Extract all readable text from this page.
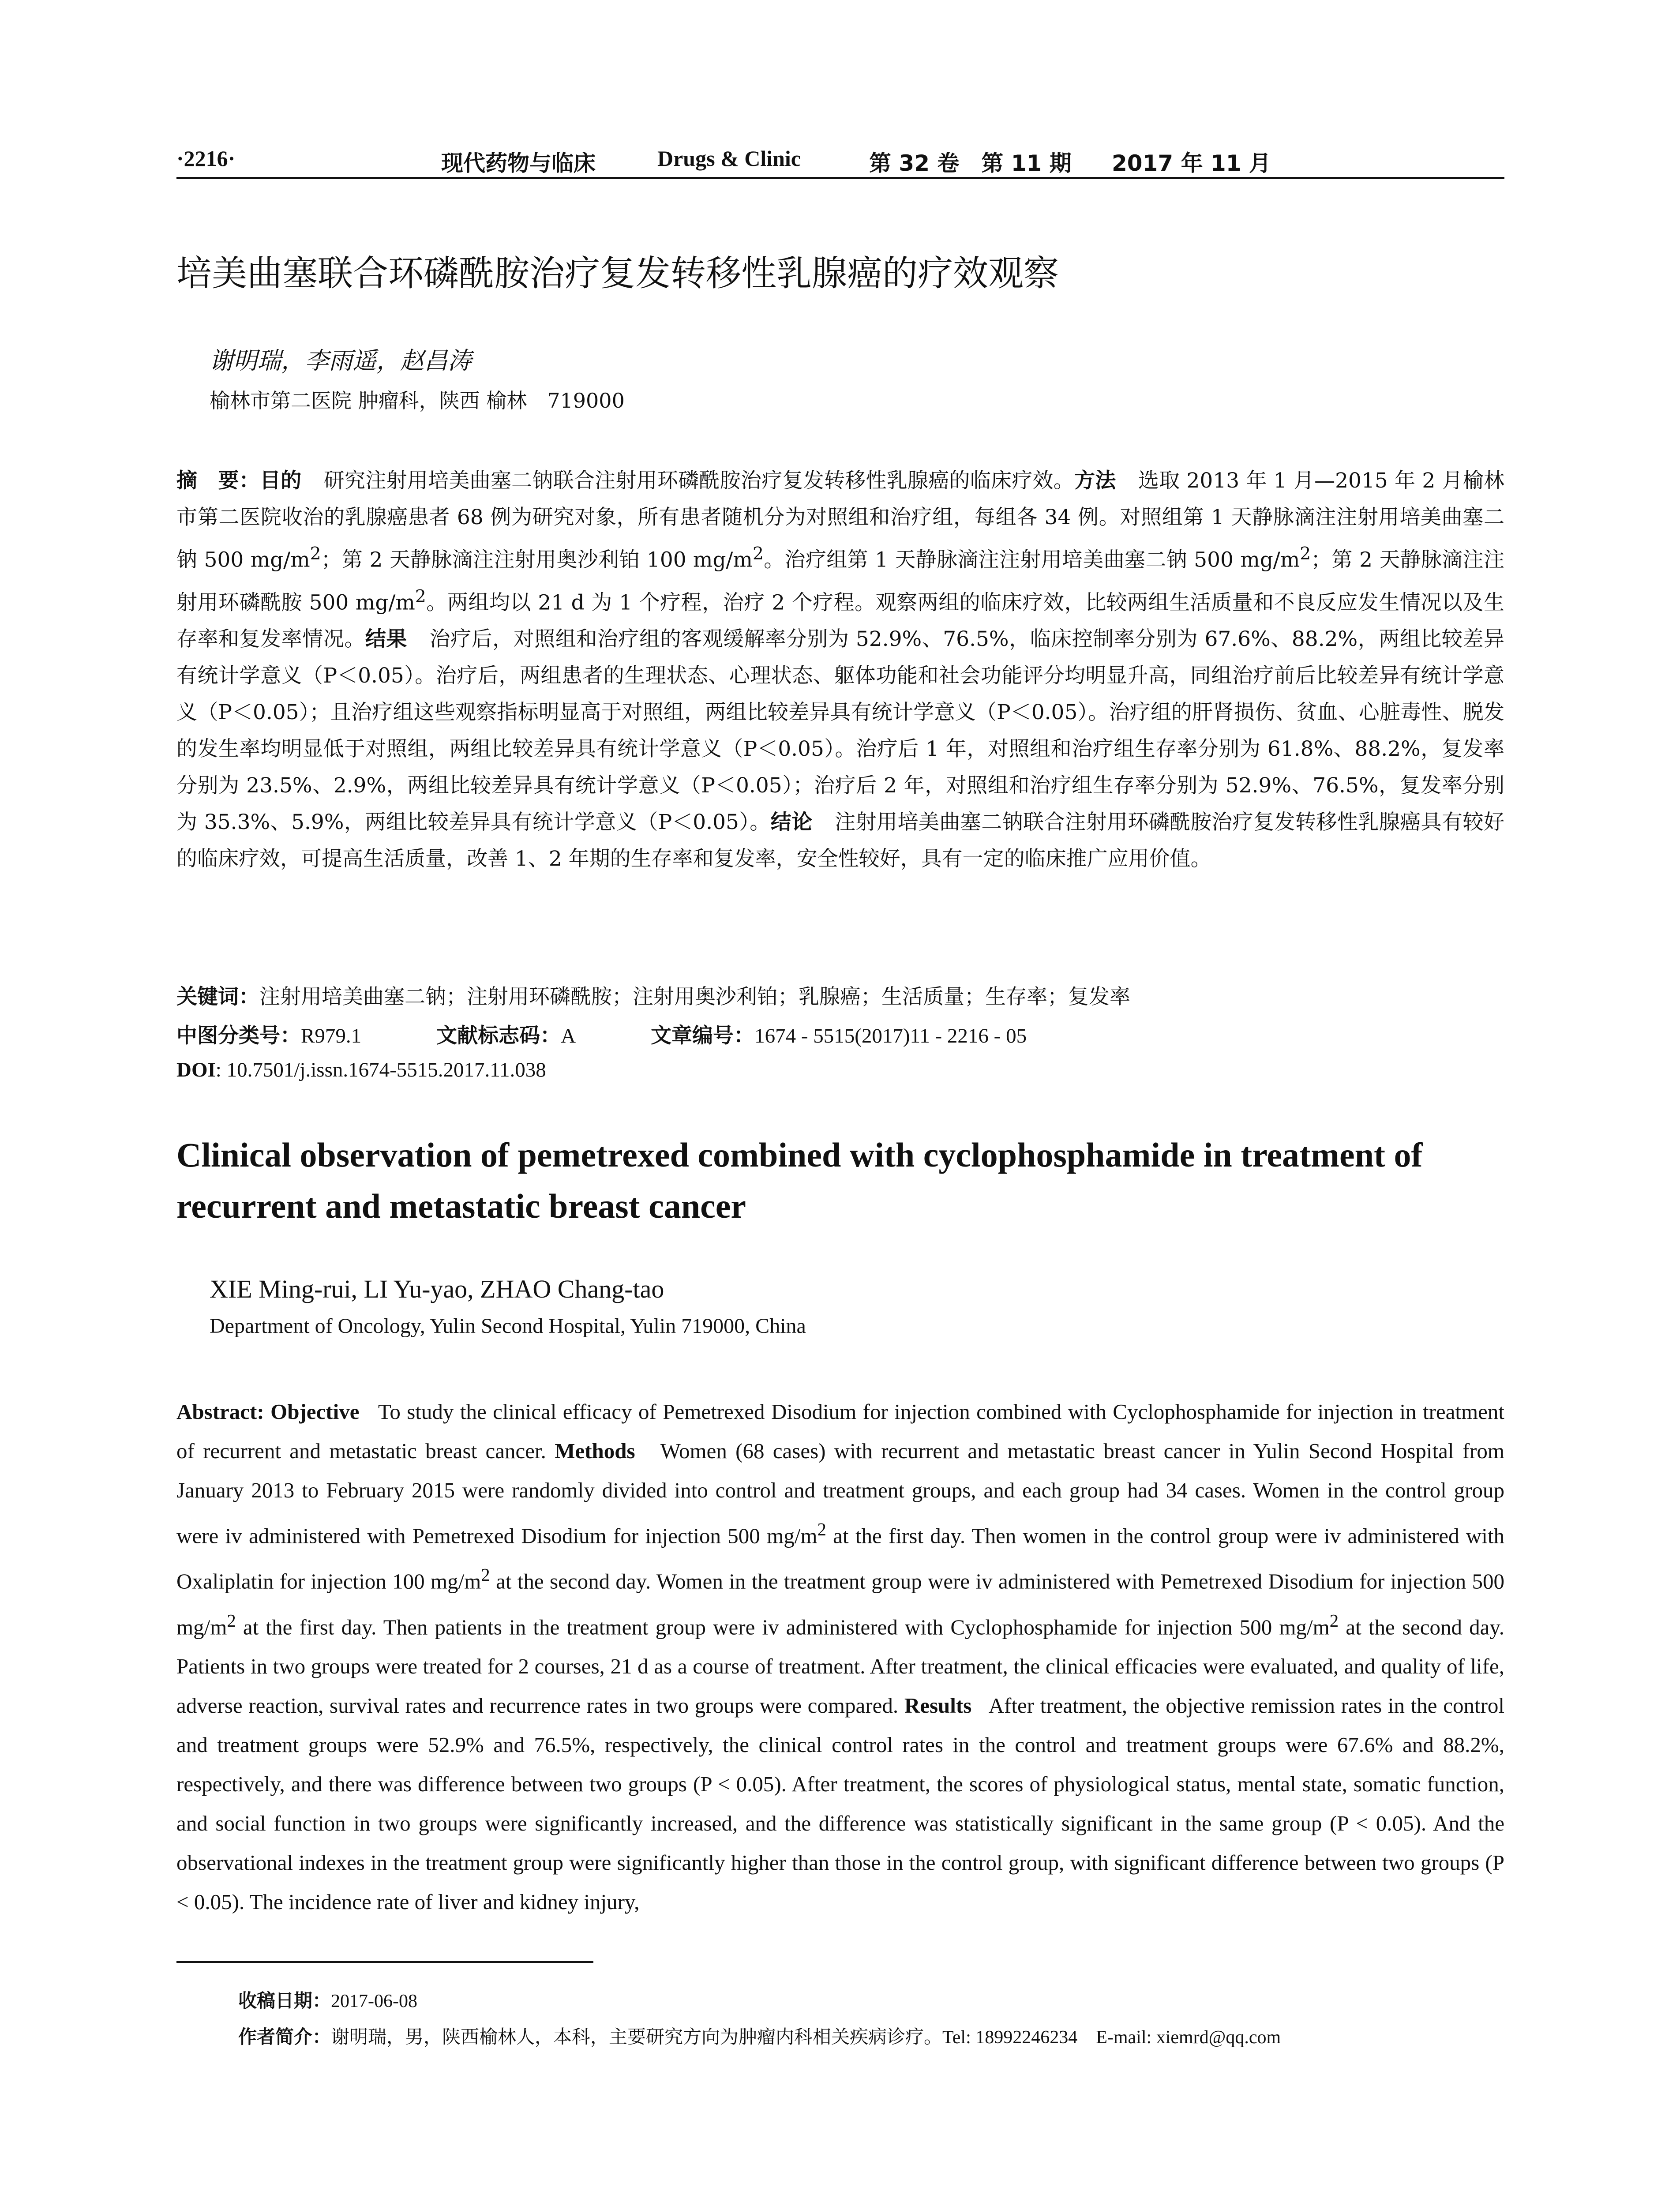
·2216·	现代药物与临床	Drugs & Clinic	第 32 卷　第 11 期 2017 年 11 月
培美曲塞联合环磷酰胺治疗复发转移性乳腺癌的疗效观察
谢明瑞，李雨遥，赵昌涛
榆林市第二医院 肿瘤科，陕西 榆林　719000
摘　要：目的 研究注射用培美曲塞二钠联合注射用环磷酰胺治疗复发转移性乳腺癌的临床疗效。方法 选取 2013 年 1 月—2015 年 2 月榆林市第二医院收治的乳腺癌患者 68 例为研究对象，所有患者随机分为对照组和治疗组，每组各 34 例。对照组第 1 天静脉滴注注射用培美曲塞二钠 500 $mg/m^2$；第 2 天静脉滴注注射用奥沙利铂 100 $mg/m^2$。治疗组第 1 天静脉滴注注射用培美曲塞二钠 500 $mg/m^2$；第 2 天静脉滴注注射用环磷酰胺 500 $mg/m^2$。两组均以 21 d 为 1 个疗程，治疗 2 个疗程。观察两组的临床疗效，比较两组生活质量和不良反应发生情况以及生存率和复发率情况。结果 治疗后，对照组和治疗组的客观缓解率分别为 52.9%、76.5%，临床控制率分别为 67.6%、88.2%，两组比较差异有统计学意义（P＜0.05）。治疗后，两组患者的生理状态、心理状态、躯体功能和社会功能评分均明显升高，同组治疗前后比较差异有统计学意义（P＜0.05）；且治疗组这些观察指标明显高于对照组，两组比较差异具有统计学意义（P＜0.05）。治疗组的肝肾损伤、贫血、心脏毒性、脱发的发生率均明显低于对照组，两组比较差异具有统计学意义（P＜0.05）。治疗后 1 年，对照组和治疗组生存率分别为 61.8%、88.2%，复发率分别为 23.5%、2.9%，两组比较差异具有统计学意义（P＜0.05）；治疗后 2 年，对照组和治疗组生存率分别为 52.9%、76.5%，复发率分别为 35.3%、5.9%，两组比较差异具有统计学意义（P＜0.05）。结论 注射用培美曲塞二钠联合注射用环磷酰胺治疗复发转移性乳腺癌具有较好的临床疗效，可提高生活质量，改善 1、2 年期的生存率和复发率，安全性较好，具有一定的临床推广应用价值。
关键词：注射用培美曲塞二钠；注射用环磷酰胺；注射用奥沙利铂；乳腺癌；生活质量；生存率；复发率
中图分类号：R979.1	文献标志码：A	文章编号：1674 - 5515(2017)11 - 2216 - 05
DOI: 10.7501/j.issn.1674-5515.2017.11.038
Clinical observation of pemetrexed combined with cyclophosphamide in treatment of recurrent and metastatic breast cancer
XIE Ming-rui, LI Yu-yao, ZHAO Chang-tao
Department of Oncology, Yulin Second Hospital, Yulin 719000, China
Abstract: Objective To study the clinical efficacy of Pemetrexed Disodium for injection combined with Cyclophosphamide for injection in treatment of recurrent and metastatic breast cancer. Methods Women (68 cases) with recurrent and metastatic breast cancer in Yulin Second Hospital from January 2013 to February 2015 were randomly divided into control and treatment groups, and each group had 34 cases. Women in the control group were iv administered with Pemetrexed Disodium for injection 500 $mg/m^2$ at the first day. Then women in the control group were iv administered with Oxaliplatin for injection 100 $mg/m^2$ at the second day. Women in the treatment group were iv administered with Pemetrexed Disodium for injection 500 $mg/m^2$ at the first day. Then patients in the treatment group were iv administered with Cyclophosphamide for injection 500 $mg/m^2$ at the second day. Patients in two groups were treated for 2 courses, 21 d as a course of treatment. After treatment, the clinical efficacies were evaluated, and quality of life, adverse reaction, survival rates and recurrence rates in two groups were compared. Results After treatment, the objective remission rates in the control and treatment groups were 52.9% and 76.5%, respectively, the clinical control rates in the control and treatment groups were 67.6% and 88.2%, respectively, and there was difference between two groups (P < 0.05). After treatment, the scores of physiological status, mental state, somatic function, and social function in two groups were significantly increased, and the difference was statistically significant in the same group (P < 0.05). And the observational indexes in the treatment group were significantly higher than those in the control group, with significant difference between two groups (P < 0.05). The incidence rate of liver and kidney injury,
收稿日期：2017-06-08
作者简介：谢明瑞，男，陕西榆林人，本科，主要研究方向为肿瘤内科相关疾病诊疗。Tel: 18992246234　E-mail: xiemrd@qq.com
